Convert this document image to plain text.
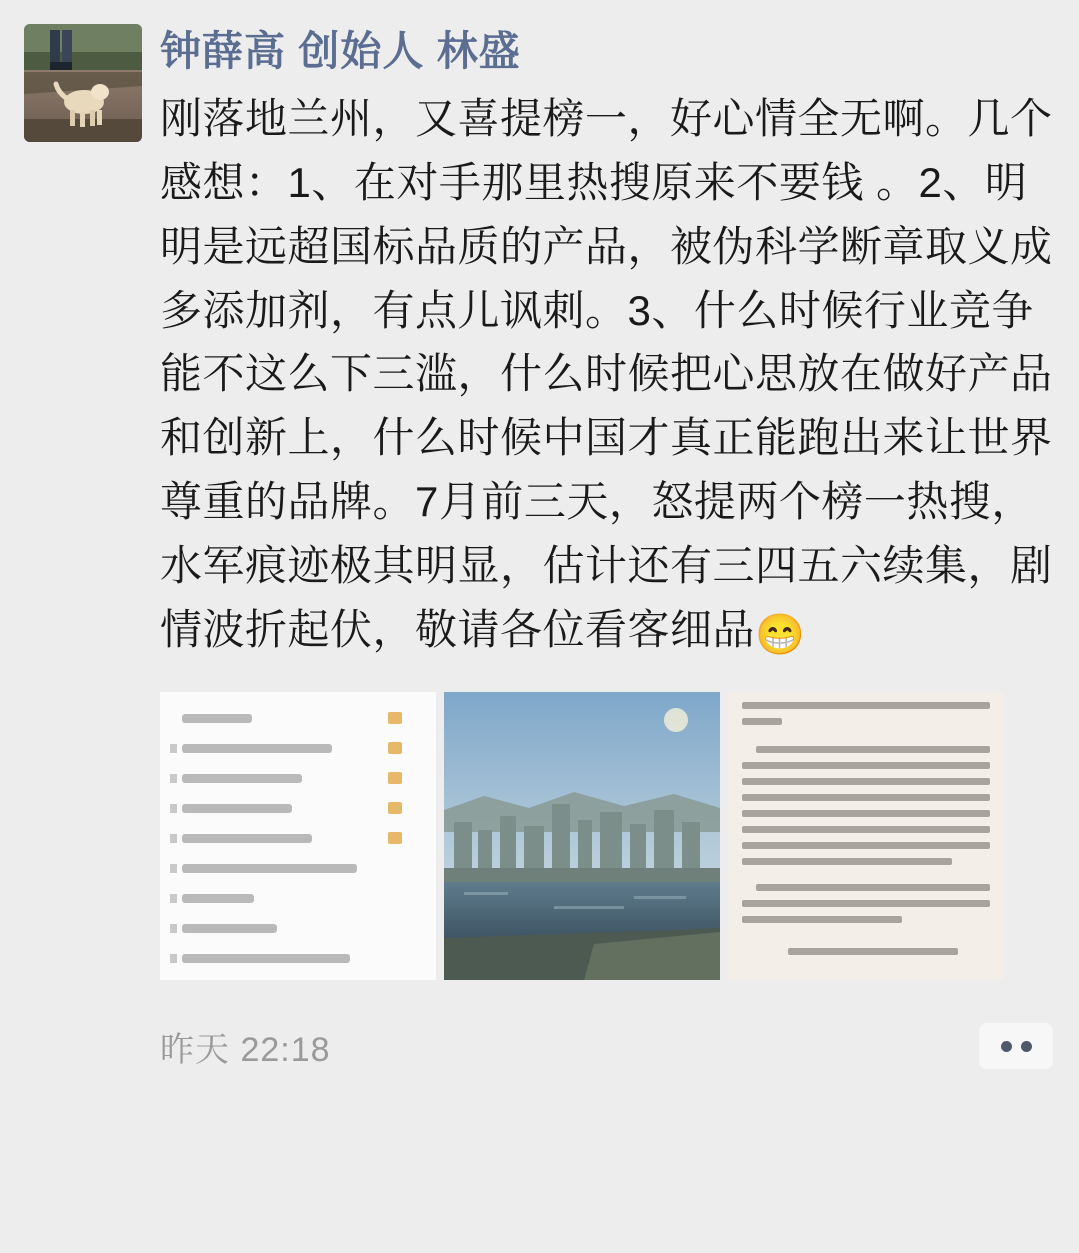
钟薛高 创始人 林盛
刚落地兰州，又喜提榜一，好心情全无啊。几个感想：1、在对手那里热搜原来不要钱 。2、明明是远超国标品质的产品，被伪科学断章取义成多添加剂，有点儿讽刺。3、什么时候行业竞争能不这么下三滥，什么时候把心思放在做好产品和创新上，什么时候中国才真正能跑出来让世界尊重的品牌。7月前三天，怒提两个榜一热搜，水军痕迹极其明显，估计还有三四五六续集，剧情波折起伏，敬请各位看客细品😁
昨天 22:18
